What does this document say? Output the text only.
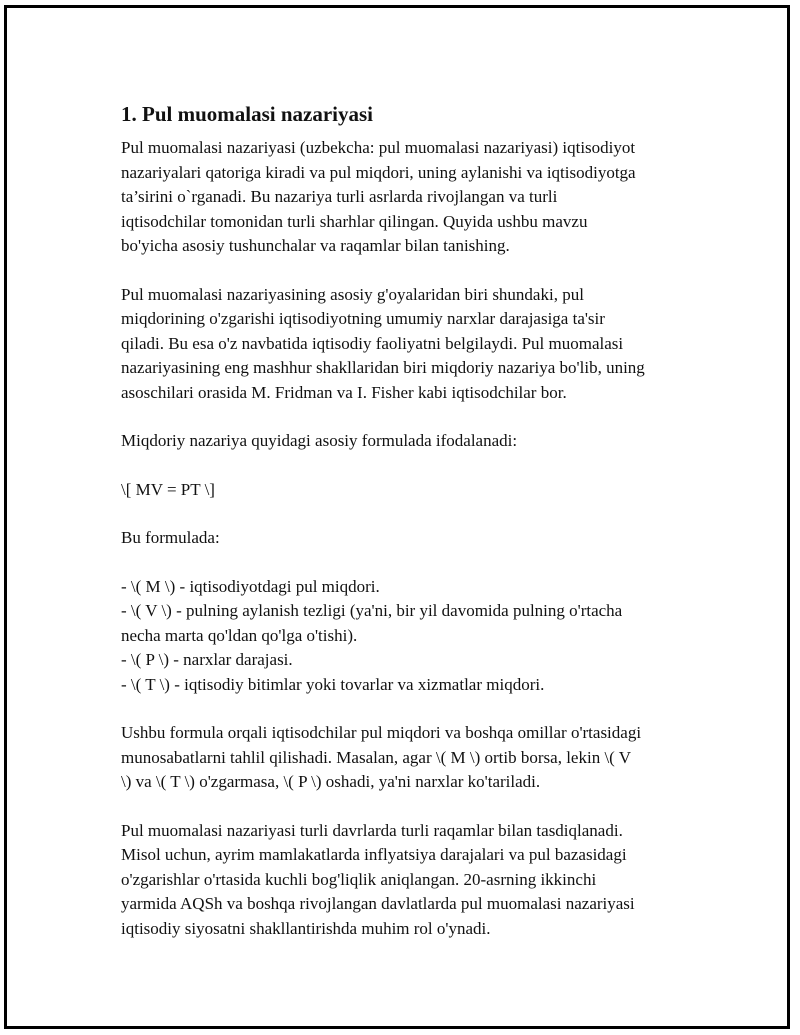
1. Pul muomalasi nazariyasi

Pul muomalasi nazariyasi (uzbekcha: pul muomalasi nazariyasi) iqtisodiyot
nazariyalari qatoriga kiradi va pul miqdori, uning aylanishi va iqtisodiyotga
ta’sirini o`rganadi. Bu nazariya turli asrlarda rivojlangan va turli
iqtisodchilar tomonidan turli sharhlar qilingan. Quyida ushbu mavzu
bo'yicha asosiy tushunchalar va raqamlar bilan tanishing.

Pul muomalasi nazariyasining asosiy g'oyalaridan biri shundaki, pul
miqdorining o'zgarishi iqtisodiyotning umumiy narxlar darajasiga ta'sir
qiladi. Bu esa o'z navbatida iqtisodiy faoliyatni belgilaydi. Pul muomalasi
nazariyasining eng mashhur shakllaridan biri miqdoriy nazariya bo'lib, uning
asoschilari orasida M. Fridman va I. Fisher kabi iqtisodchilar bor.

Miqdoriy nazariya quyidagi asosiy formulada ifodalanadi:

\[ MV = PT \]

Bu formulada:

- \( M \) - iqtisodiyotdagi pul miqdori.
- \( V \) - pulning aylanish tezligi (ya'ni, bir yil davomida pulning o'rtacha
necha marta qo'ldan qo'lga o'tishi).
- \( P \) - narxlar darajasi.
- \( T \) - iqtisodiy bitimlar yoki tovarlar va xizmatlar miqdori.

Ushbu formula orqali iqtisodchilar pul miqdori va boshqa omillar o'rtasidagi
munosabatlarni tahlil qilishadi. Masalan, agar \( M \) ortib borsa, lekin \( V
\) va \( T \) o'zgarmasa, \( P \) oshadi, ya'ni narxlar ko'tariladi.

Pul muomalasi nazariyasi turli davrlarda turli raqamlar bilan tasdiqlanadi.
Misol uchun, ayrim mamlakatlarda inflyatsiya darajalari va pul bazasidagi
o'zgarishlar o'rtasida kuchli bog'liqlik aniqlangan. 20-asrning ikkinchi
yarmida AQSh va boshqa rivojlangan davlatlarda pul muomalasi nazariyasi
iqtisodiy siyosatni shakllantirishda muhim rol o'ynadi.
